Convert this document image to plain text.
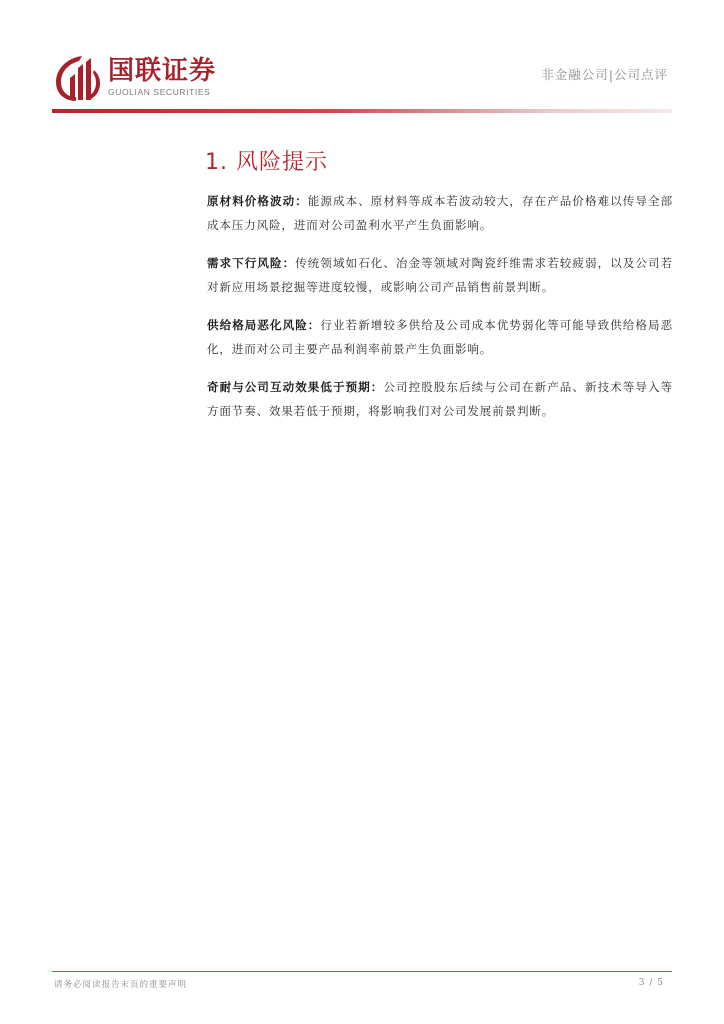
国联证券
GUOLIAN SECURITIES
非金融公司|公司点评
1. 风险提示

原材料价格波动：能源成本、原材料等成本若波动较大，存在产品价格难以传导全部成本压力风险，进而对公司盈利水平产生负面影响。

需求下行风险：传统领域如石化、冶金等领域对陶瓷纤维需求若较疲弱，以及公司若对新应用场景挖掘等进度较慢，或影响公司产品销售前景判断。

供给格局恶化风险：行业若新增较多供给及公司成本优势弱化等可能导致供给格局恶化，进而对公司主要产品利润率前景产生负面影响。

奇耐与公司互动效果低于预期：公司控股股东后续与公司在新产品、新技术等导入等方面节奏、效果若低于预期，将影响我们对公司发展前景判断。

请务必阅读报告末页的重要声明	3 / 5
